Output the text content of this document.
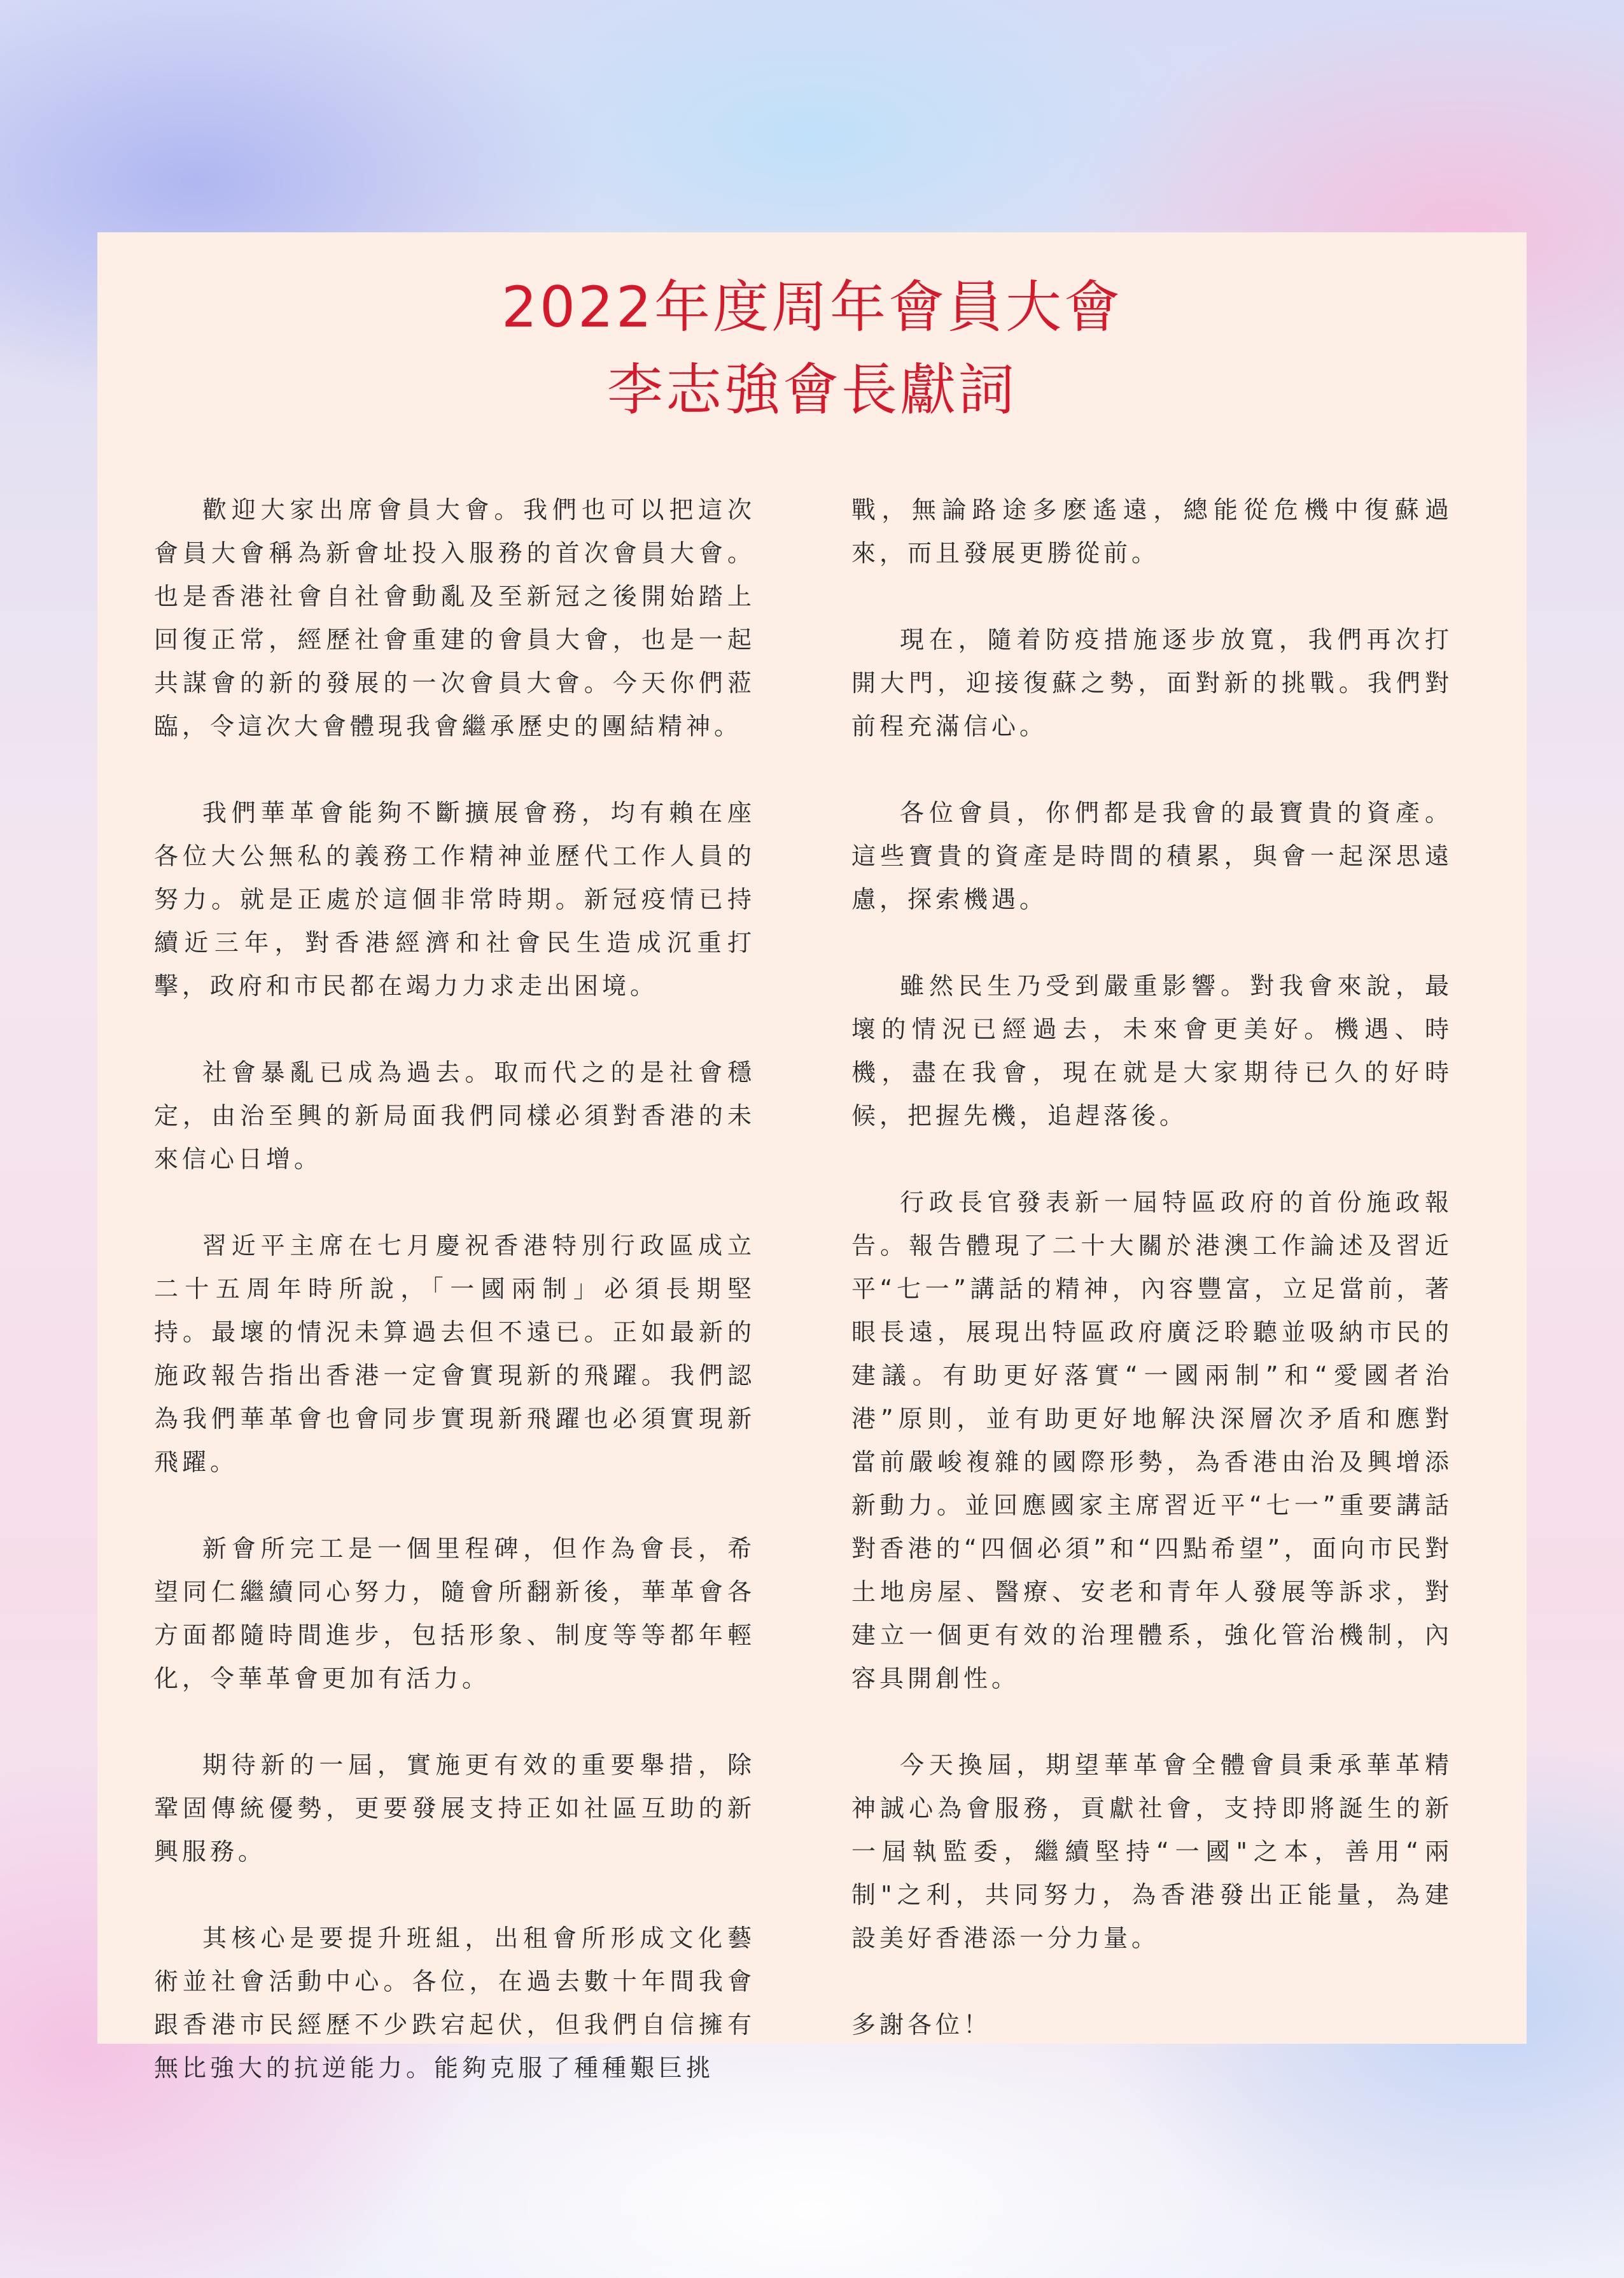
2022年度周年會員大會
李志強會長獻詞

歡迎大家出席會員大會。我們也可以把這次會員大會稱為新會址投入服務的首次會員大會。也是香港社會自社會動亂及至新冠之後開始踏上回復正常，經歷社會重建的會員大會，也是一起共謀會的新的發展的一次會員大會。今天你們蒞臨，令這次大會體現我會繼承歷史的團結精神。

我們華革會能夠不斷擴展會務，均有賴在座各位大公無私的義務工作精神並歷代工作人員的努力。就是正處於這個非常時期。新冠疫情已持續近三年，對香港經濟和社會民生造成沉重打擊，政府和市民都在竭力力求走出困境。

社會暴亂已成為過去。取而代之的是社會穩定，由治至興的新局面我們同樣必須對香港的未來信心日增。

習近平主席在七月慶祝香港特別行政區成立二十五周年時所說，「一國兩制」必須長期堅持。最壞的情況未算過去但不遠已。正如最新的施政報告指出香港一定會實現新的飛躍。我們認為我們華革會也會同步實現新飛躍也必須實現新飛躍。

新會所完工是一個里程碑，但作為會長，希望同仁繼續同心努力，隨會所翻新後，華革會各方面都隨時間進步，包括形象、制度等等都年輕化，令華革會更加有活力。

期待新的一屆，實施更有效的重要舉措，除鞏固傳統優勢，更要發展支持正如社區互助的新興服務。

其核心是要提升班組，出租會所形成文化藝術並社會活動中心。各位，在過去數十年間我會跟香港市民經歷不少跌宕起伏，但我們自信擁有無比強大的抗逆能力。能夠克服了種種艱巨挑

戰，無論路途多麽遙遠，總能從危機中復蘇過來，而且發展更勝從前。

現在，隨着防疫措施逐步放寬，我們再次打開大門，迎接復蘇之勢，面對新的挑戰。我們對前程充滿信心。

各位會員，你們都是我會的最寶貴的資產。這些寶貴的資產是時間的積累，與會一起深思遠慮，探索機遇。

雖然民生乃受到嚴重影響。對我會來說，最壞的情況已經過去，未來會更美好。機遇、時機，盡在我會，現在就是大家期待已久的好時候，把握先機，追趕落後。

行政長官發表新一屆特區政府的首份施政報告。報告體現了二十大關於港澳工作論述及習近平“七一”講話的精神，內容豐富，立足當前，著眼長遠，展現出特區政府廣泛聆聽並吸納市民的建議。有助更好落實“一國兩制”和“愛國者治港”原則，並有助更好地解決深層次矛盾和應對當前嚴峻複雜的國際形勢，為香港由治及興增添新動力。並回應國家主席習近平“七一”重要講話對香港的“四個必須”和“四點希望”，面向市民對土地房屋、醫療、安老和青年人發展等訴求，對建立一個更有效的治理體系，強化管治機制，內容具開創性。

今天換屆，期望華革會全體會員秉承華革精神誠心為會服務，貢獻社會，支持即將誕生的新一屆執監委，繼續堅持“一國"之本，善用“兩制"之利，共同努力，為香港發出正能量，為建設美好香港添一分力量。

多謝各位！
